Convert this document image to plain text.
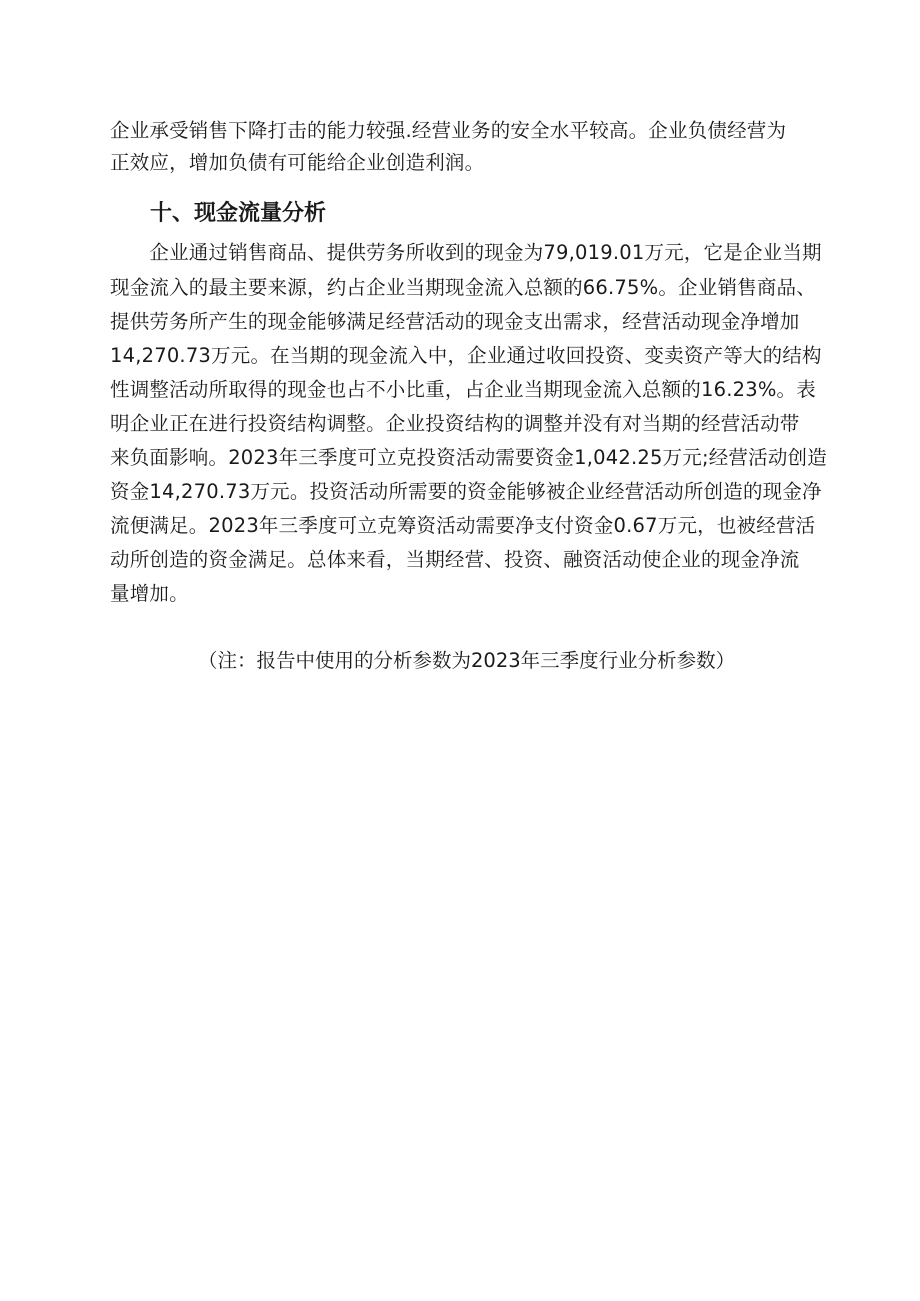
企业承受销售下降打击的能力较强.经营业务的安全水平较高。企业负债经营为
正效应，增加负债有可能给企业创造利润。
十、现金流量分析
　　企业通过销售商品、提供劳务所收到的现金为79,019.01万元，它是企业当期
现金流入的最主要来源，约占企业当期现金流入总额的66.75%。企业销售商品、
提供劳务所产生的现金能够满足经营活动的现金支出需求，经营活动现金净增加
14,270.73万元。在当期的现金流入中，企业通过收回投资、变卖资产等大的结构
性调整活动所取得的现金也占不小比重，占企业当期现金流入总额的16.23%。表
明企业正在进行投资结构调整。企业投资结构的调整并没有对当期的经营活动带
来负面影响。2023年三季度可立克投资活动需要资金1,042.25万元;经营活动创造
资金14,270.73万元。投资活动所需要的资金能够被企业经营活动所创造的现金净
流便满足。2023年三季度可立克筹资活动需要净支付资金0.67万元，也被经营活
动所创造的资金满足。总体来看，当期经营、投资、融资活动使企业的现金净流
量增加。
（注：报告中使用的分析参数为2023年三季度行业分析参数）
